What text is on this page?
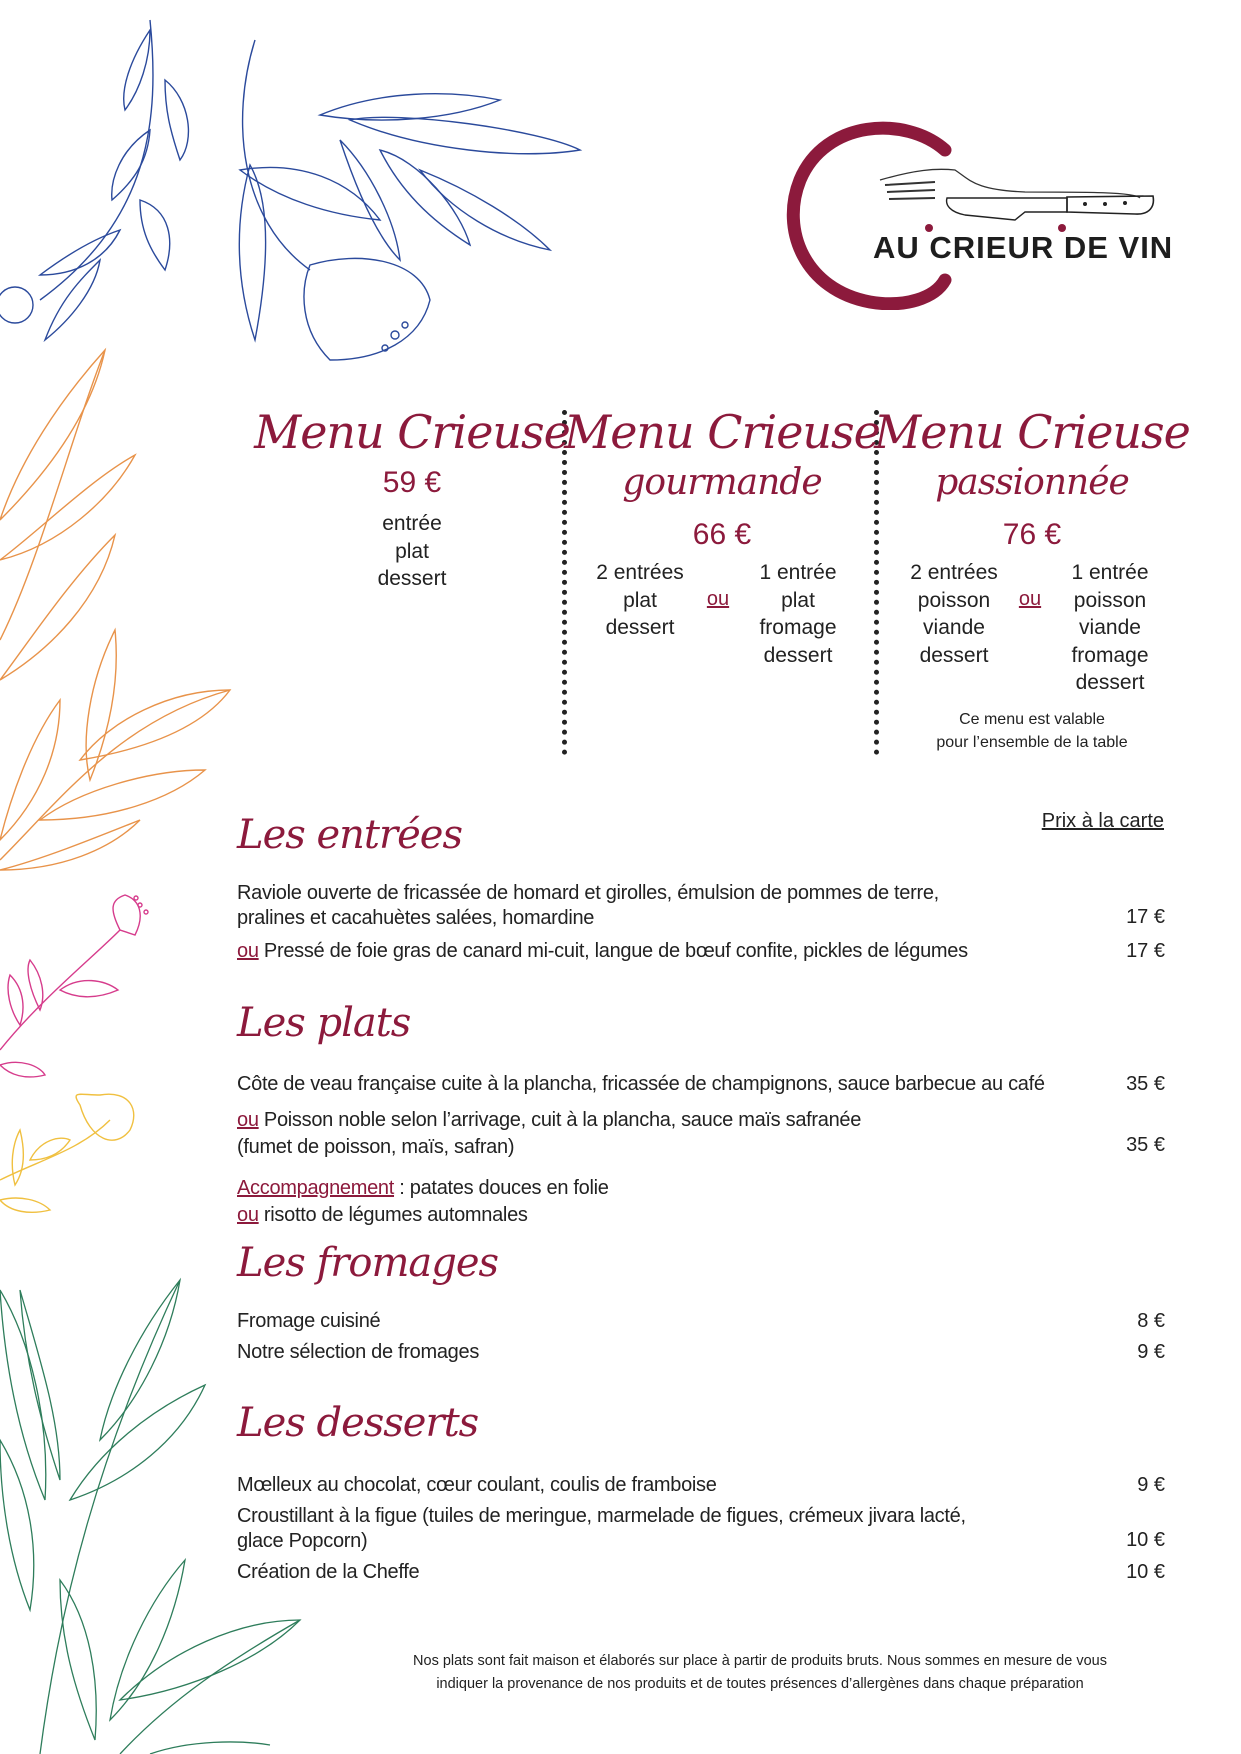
AU CRIEUR DE VIN
Menu Crieuse
59 €
entrée
plat
dessert
Menu Crieuse
gourmande
66 €
2 entrées
plat
dessert
ou
1 entrée
plat
fromage
dessert
Menu Crieuse
passionnée
76 €
2 entrées
poisson
viande
dessert
ou
1 entrée
poisson
viande
fromage
dessert
Ce menu est valable
pour l’ensemble de la table
Prix à la carte
Les entrées
Raviole ouverte de fricassée de homard et girolles, émulsion de pommes de terre,
pralines et cacahuètes salées, homardine	17 €
ou Pressé de foie gras de canard mi-cuit, langue de bœuf confite, pickles de légumes	17 €
Les plats
Côte de veau française cuite à la plancha, fricassée de champignons, sauce barbecue au café	35 €
ou Poisson noble selon l’arrivage, cuit à la plancha, sauce maïs safranée
(fumet de poisson, maïs, safran)	35 €
Accompagnement : patates douces en folie
ou risotto de légumes automnales
Les fromages
Fromage cuisiné	8 €
Notre sélection de fromages	9 €
Les desserts
Mœlleux au chocolat, cœur coulant, coulis de framboise	9 €
Croustillant à la figue (tuiles de meringue, marmelade de figues, crémeux jivara lacté,
glace Popcorn)	10 €
Création de la Cheffe	10 €
Nos plats sont fait maison et élaborés sur place à partir de produits bruts. Nous sommes en mesure de vous
indiquer la provenance de nos produits et de toutes présences d’allergènes dans chaque préparation
